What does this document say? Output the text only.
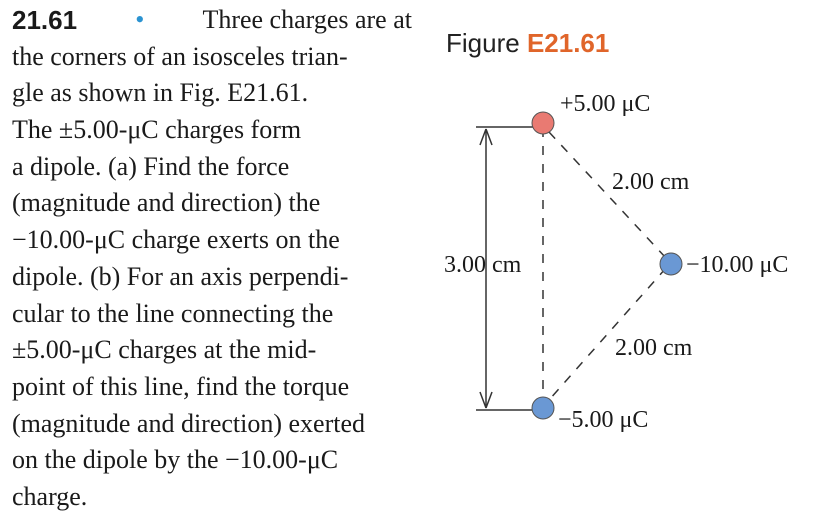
21.61 • Three charges are at
the corners of an isosceles trian-
gle as shown in Fig. E21.61.
The ±5.00-μC charges form
a dipole. (a) Find the force
(magnitude and direction) the
−10.00-μC charge exerts on the
dipole. (b) For an axis perpendi-
cular to the line connecting the
±5.00-μC charges at the mid-
point of this line, find the torque
(magnitude and direction) exerted
on the dipole by the −10.00-μC
charge.
Figure E21.61
+5.00 μC
2.00 cm
3.00 cm	−10.00 μC
2.00 cm
−5.00 μC
